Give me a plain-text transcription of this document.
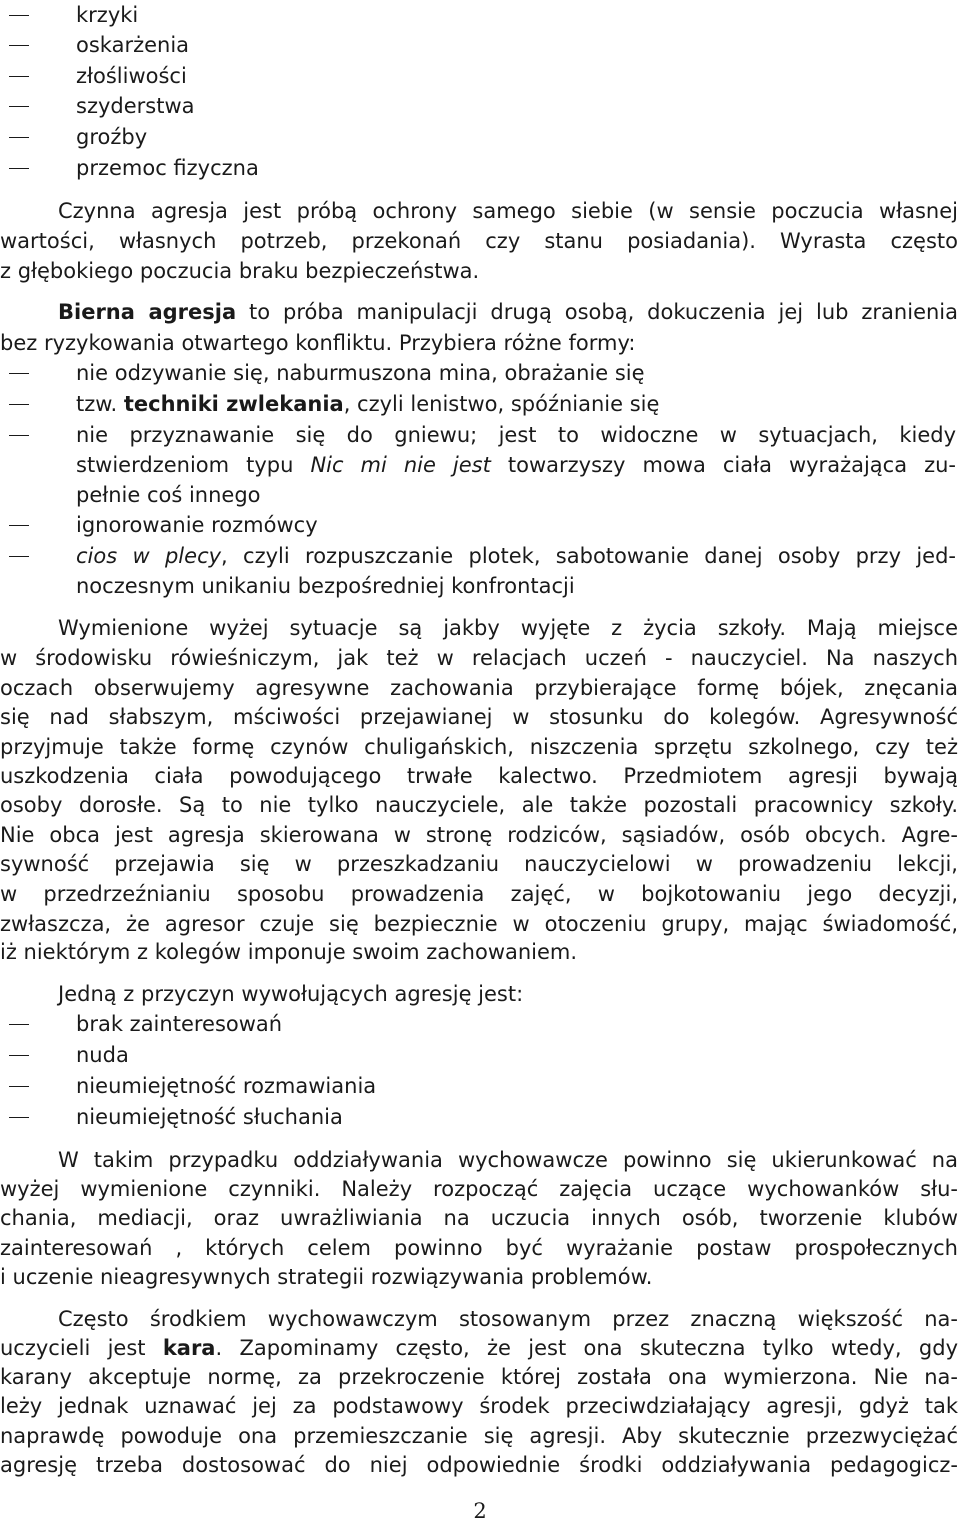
krzyki
oskarżenia
złośliwości
szyderstwa
groźby
przemoc fizyczna
Czynna agresja jest próbą ochrony samego siebie (w sensie poczucia własnej
wartości, własnych potrzeb, przekonań czy stanu posiadania). Wyrasta często
z głębokiego poczucia braku bezpieczeństwa.
Bierna agresja to próba manipulacji drugą osobą, dokuczenia jej lub zranienia
bez ryzykowania otwartego konfliktu. Przybiera różne formy:
nie odzywanie się, naburmuszona mina, obrażanie się
tzw. techniki zwlekania, czyli lenistwo, spóźnianie się
nie przyznawanie się do gniewu; jest to widoczne w sytuacjach, kiedy
stwierdzeniom typu Nic mi nie jest towarzyszy mowa ciała wyrażająca zu-
pełnie coś innego
ignorowanie rozmówcy
cios w plecy, czyli rozpuszczanie plotek, sabotowanie danej osoby przy jed-
noczesnym unikaniu bezpośredniej konfrontacji
Wymienione wyżej sytuacje są jakby wyjęte z życia szkoły. Mają miejsce
w środowisku rówieśniczym, jak też w relacjach uczeń - nauczyciel. Na naszych
oczach obserwujemy agresywne zachowania przybierające formę bójek, znęcania
się nad słabszym, mściwości przejawianej w stosunku do kolegów. Agresywność
przyjmuje także formę czynów chuligańskich, niszczenia sprzętu szkolnego, czy też
uszkodzenia ciała powodującego trwałe kalectwo. Przedmiotem agresji bywają
osoby dorosłe. Są to nie tylko nauczyciele, ale także pozostali pracownicy szkoły.
Nie obca jest agresja skierowana w stronę rodziców, sąsiadów, osób obcych. Agre-
sywność przejawia się w przeszkadzaniu nauczycielowi w prowadzeniu lekcji,
w przedrzeźnianiu sposobu prowadzenia zajęć, w bojkotowaniu jego decyzji,
zwłaszcza, że agresor czuje się bezpiecznie w otoczeniu grupy, mając świadomość,
iż niektórym z kolegów imponuje swoim zachowaniem.
Jedną z przyczyn wywołujących agresję jest:
brak zainteresowań
nuda
nieumiejętność rozmawiania
nieumiejętność słuchania
W takim przypadku oddziaływania wychowawcze powinno się ukierunkować na
wyżej wymienione czynniki. Należy rozpocząć zajęcia uczące wychowanków słu-
chania, mediacji, oraz uwrażliwiania na uczucia innych osób, tworzenie klubów
zainteresowań , których celem powinno być wyrażanie postaw prospołecznych
i uczenie nieagresywnych strategii rozwiązywania problemów.
Często środkiem wychowawczym stosowanym przez znaczną większość na-
uczycieli jest kara. Zapominamy często, że jest ona skuteczna tylko wtedy, gdy
karany akceptuje normę, za przekroczenie której została ona wymierzona. Nie na-
leży jednak uznawać jej za podstawowy środek przeciwdziałający agresji, gdyż tak
naprawdę powoduje ona przemieszczanie się agresji. Aby skutecznie przezwyciężać
agresję trzeba dostosować do niej odpowiednie środki oddziaływania pedagogicz-
2
